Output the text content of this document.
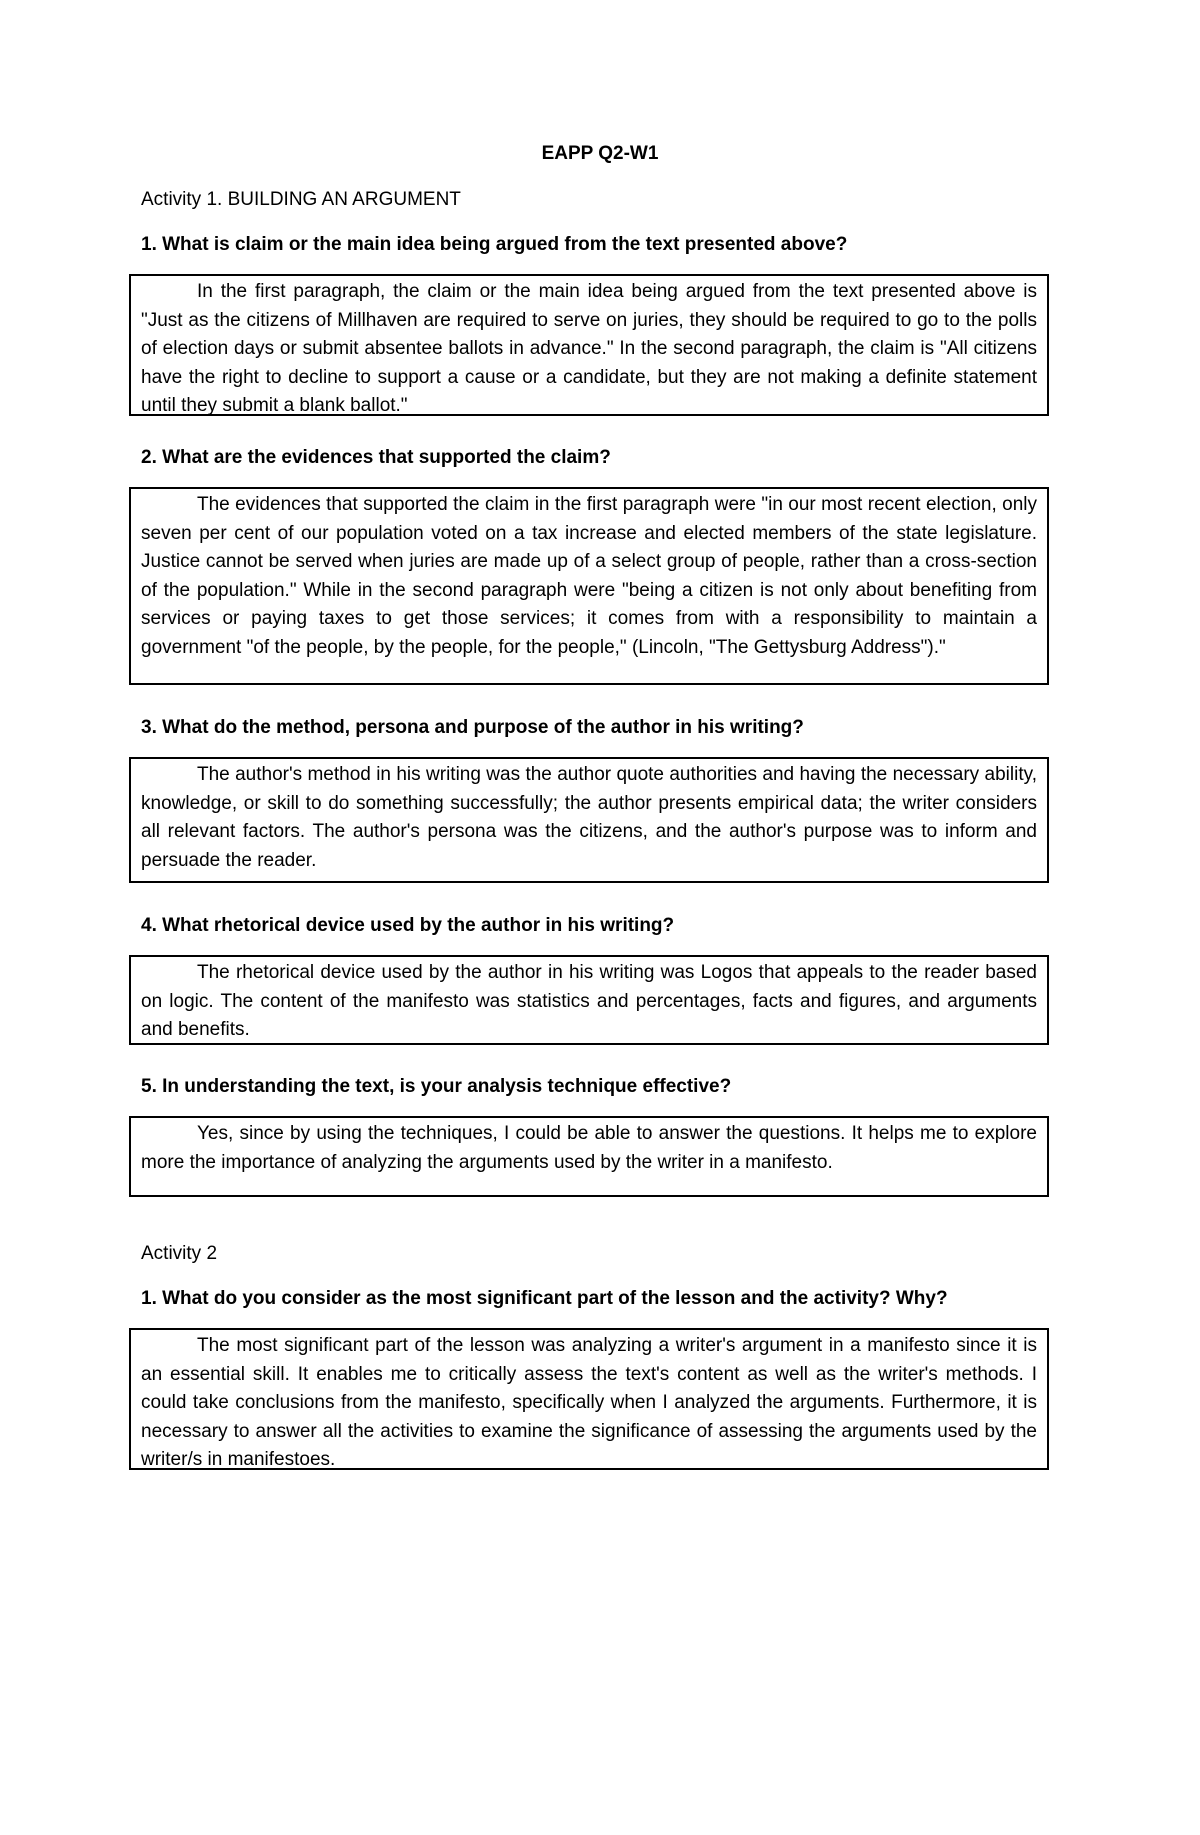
EAPP Q2-W1
Activity 1. BUILDING AN ARGUMENT
1. What is claim or the main idea being argued from the text presented above?
In the first paragraph, the claim or the main idea being argued from the text presented above is "Just as the citizens of Millhaven are required to serve on juries, they should be required to go to the polls of election days or submit absentee ballots in advance." In the second paragraph, the claim is "All citizens have the right to decline to support a cause or a candidate, but they are not making a definite statement until they submit a blank ballot."
2. What are the evidences that supported the claim?
The evidences that supported the claim in the first paragraph were "in our most recent election, only seven per cent of our population voted on a tax increase and elected members of the state legislature. Justice cannot be served when juries are made up of a select group of people, rather than a cross-section of the population." While in the second paragraph were "being a citizen is not only about benefiting from services or paying taxes to get those services; it comes from with a responsibility to maintain a government "of the people, by the people, for the people," (Lincoln, "The Gettysburg Address")."
3. What do the method, persona and purpose of the author in his writing?
The author's method in his writing was the author quote authorities and having the necessary ability, knowledge, or skill to do something successfully; the author presents empirical data; the writer considers all relevant factors. The author's persona was the citizens, and the author's purpose was to inform and persuade the reader.
4. What rhetorical device used by the author in his writing?
The rhetorical device used by the author in his writing was Logos that appeals to the reader based on logic. The content of the manifesto was statistics and percentages, facts and figures, and arguments and benefits.
5. In understanding the text, is your analysis technique effective?
Yes, since by using the techniques, I could be able to answer the questions. It helps me to explore more the importance of analyzing the arguments used by the writer in a manifesto.
Activity 2
1. What do you consider as the most significant part of the lesson and the activity? Why?
The most significant part of the lesson was analyzing a writer's argument in a manifesto since it is an essential skill. It enables me to critically assess the text's content as well as the writer's methods. I could take conclusions from the manifesto, specifically when I analyzed the arguments. Furthermore, it is necessary to answer all the activities to examine the significance of assessing the arguments used by the writer/s in manifestoes.
